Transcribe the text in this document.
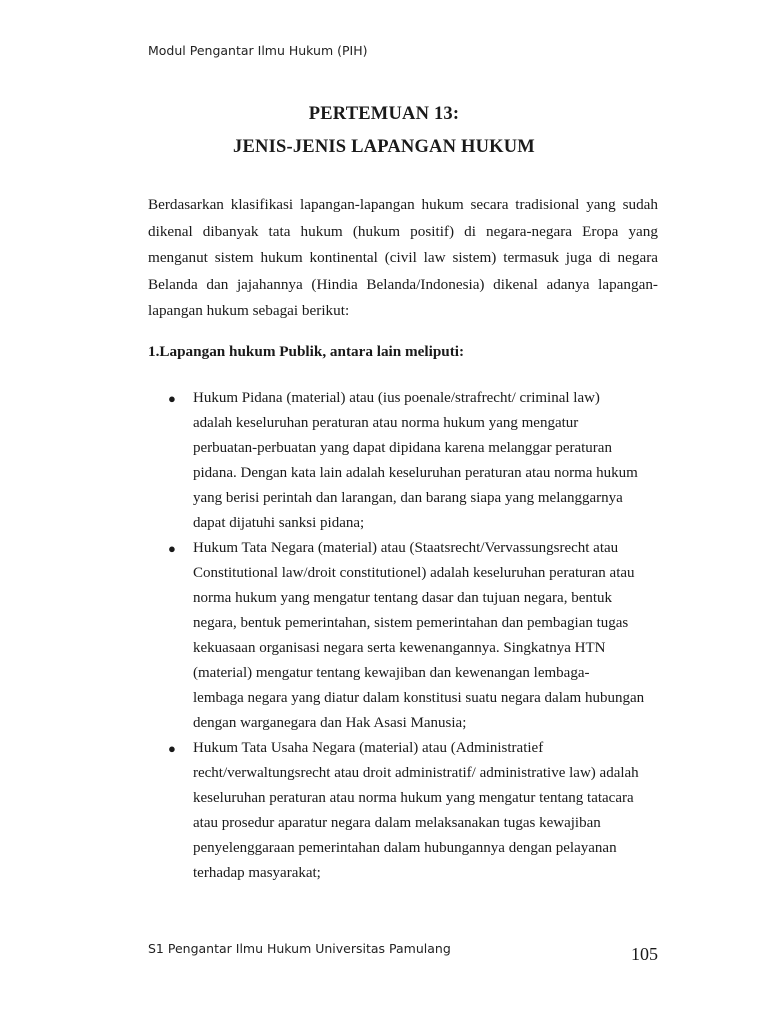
Modul Pengantar Ilmu Hukum (PIH)
PERTEMUAN 13:
JENIS-JENIS LAPANGAN HUKUM

Berdasarkan klasifikasi lapangan-lapangan hukum secara tradisional yang sudah dikenal dibanyak tata hukum (hukum positif) di negara-negara Eropa yang menganut sistem hukum kontinental (civil law sistem) termasuk juga di negara Belanda dan jajahannya (Hindia Belanda/Indonesia) dikenal adanya lapangan-lapangan hukum sebagai berikut:

1.Lapangan hukum Publik, antara lain meliputi:
● Hukum Pidana (material) atau (ius poenale/strafrecht/ criminal law)
adalah keseluruhan peraturan atau norma hukum yang mengatur
perbuatan-perbuatan yang dapat dipidana karena melanggar peraturan
pidana. Dengan kata lain adalah keseluruhan peraturan atau norma hukum
yang berisi perintah dan larangan, dan barang siapa yang melanggarnya
dapat dijatuhi sanksi pidana;
● Hukum Tata Negara (material) atau (Staatsrecht/Vervassungsrecht atau
Constitutional law/droit constitutionel) adalah keseluruhan peraturan atau
norma hukum yang mengatur tentang dasar dan tujuan negara, bentuk
negara, bentuk pemerintahan, sistem pemerintahan dan pembagian tugas
kekuasaan organisasi negara serta kewenangannya. Singkatnya HTN
(material) mengatur tentang kewajiban dan kewenangan lembaga-
lembaga negara yang diatur dalam konstitusi suatu negara dalam hubungan
dengan warganegara dan Hak Asasi Manusia;
● Hukum Tata Usaha Negara (material) atau (Administratief
recht/verwaltungsrecht atau droit administratif/ administrative law) adalah
keseluruhan peraturan atau norma hukum yang mengatur tentang tatacara
atau prosedur aparatur negara dalam melaksanakan tugas kewajiban
penyelenggaraan pemerintahan dalam hubungannya dengan pelayanan
terhadap masyarakat;
S1 Pengantar Ilmu Hukum Universitas Pamulang	105
